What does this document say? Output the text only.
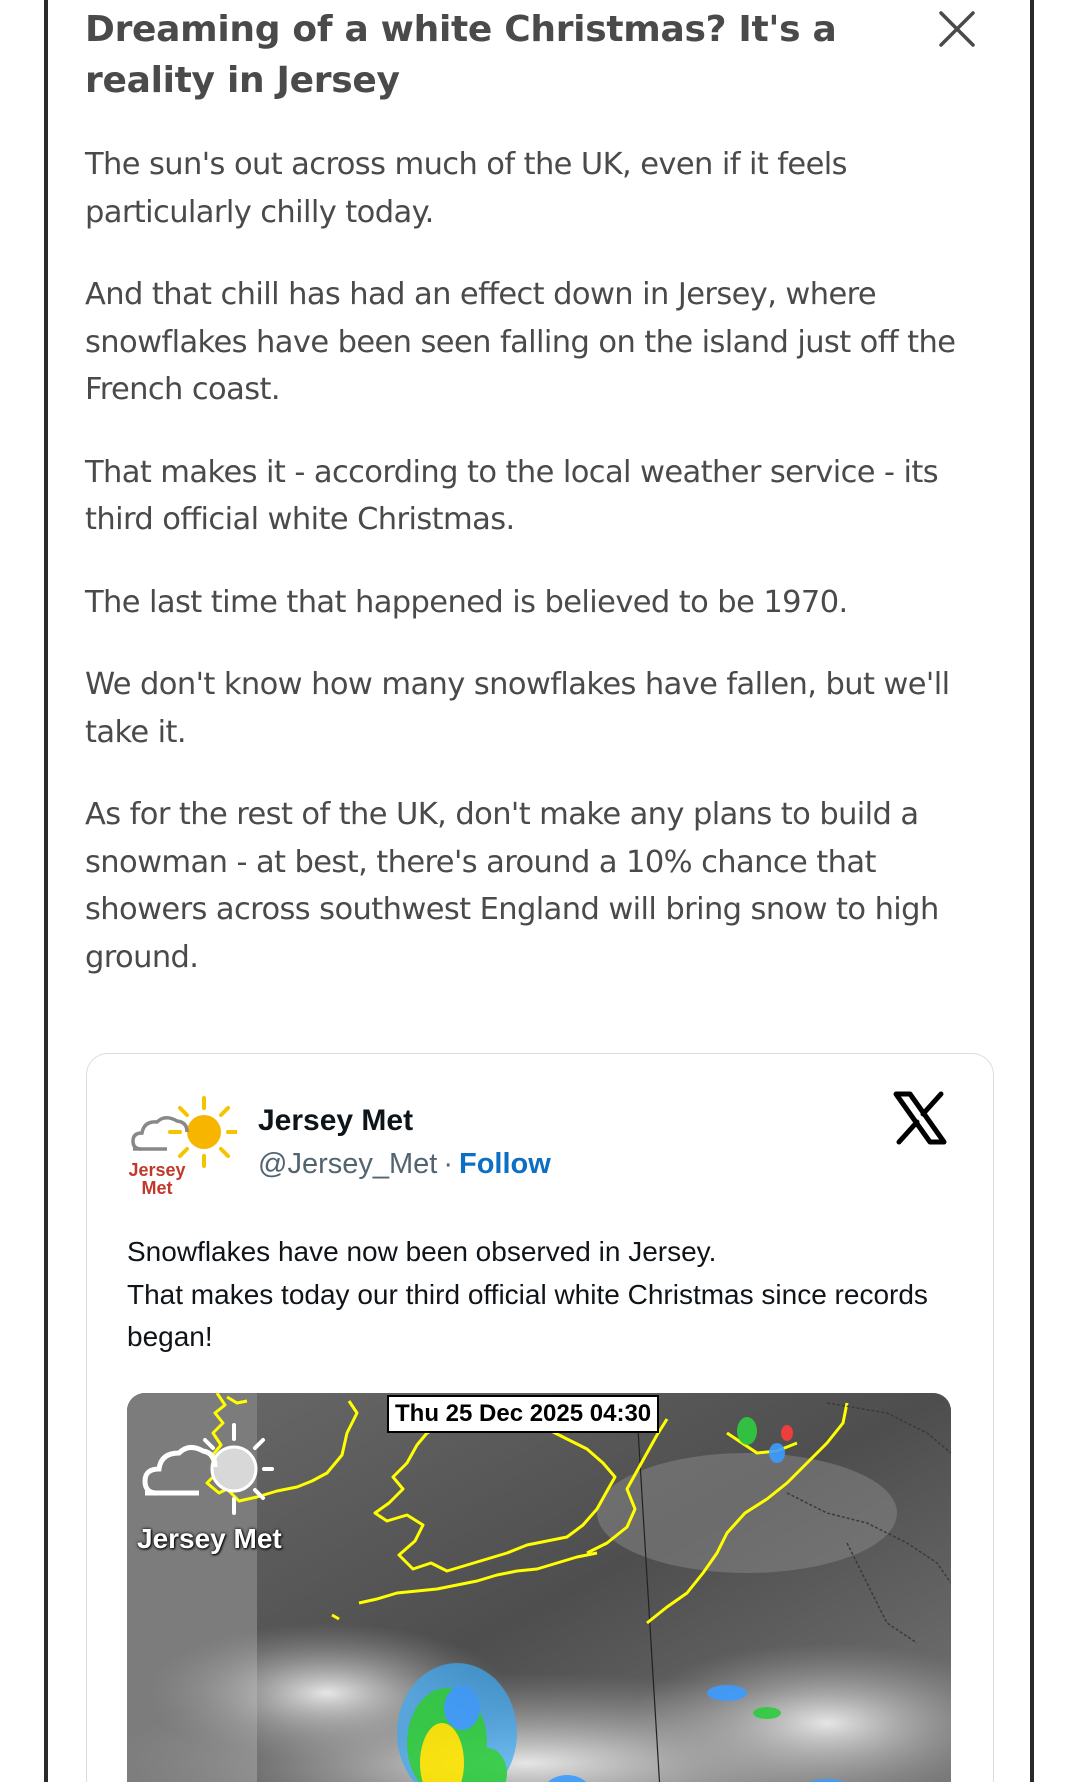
Dreaming of a white Christmas? It's a reality in Jersey

The sun's out across much of the UK, even if it feels particularly chilly today.

And that chill has had an effect down in Jersey, where snowflakes have been seen falling on the island just off the French coast.

That makes it - according to the local weather service - its third official white Christmas.

The last time that happened is believed to be 1970.

We don't know how many snowflakes have fallen, but we'll take it.

As for the rest of the UK, don't make any plans to build a snowman - at best, there's around a 10% chance that showers across southwest England will bring snow to high ground.

Jersey
Met
Jersey Met
@Jersey_Met · Follow
Snowflakes have now been observed in Jersey.
That makes today our third official white Christmas since records began!
Jersey Met
Thu 25 Dec 2025 04:30
